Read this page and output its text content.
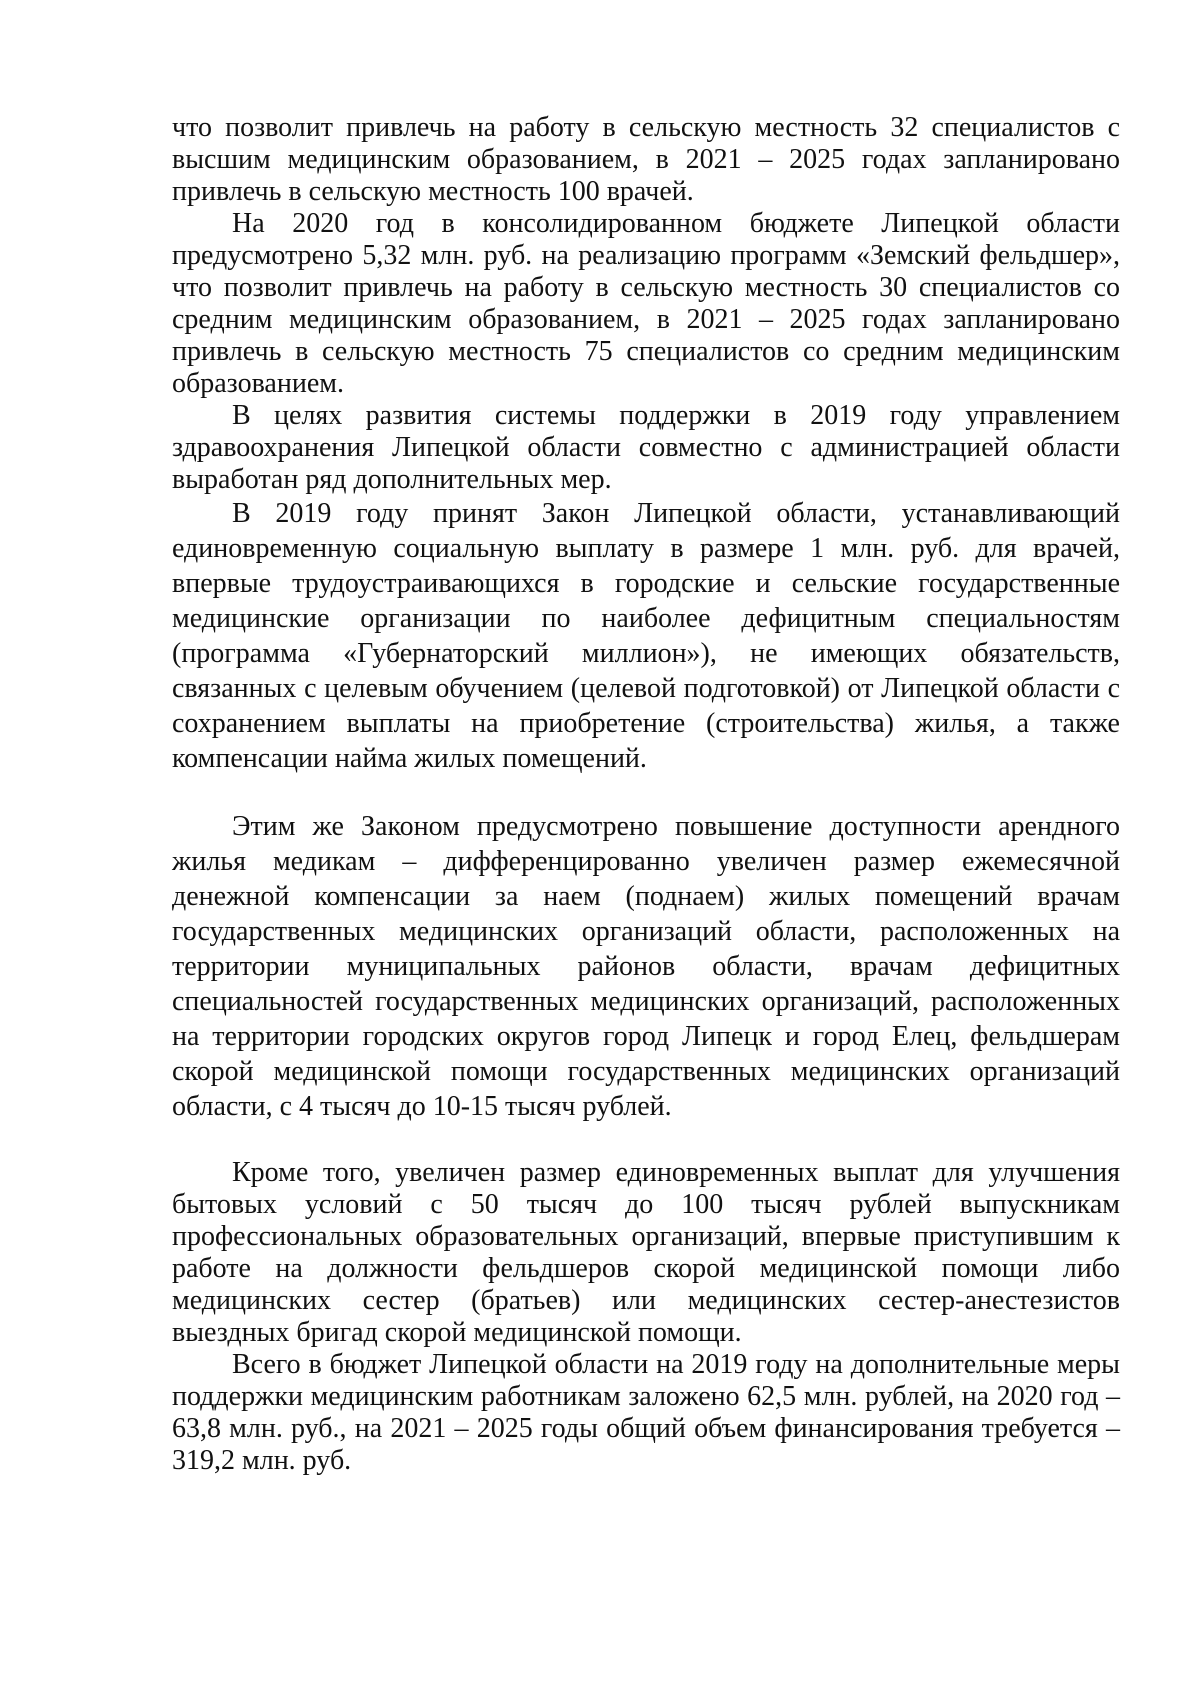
что позволит привлечь на работу в сельскую местность 32 специалистов с высшим медицинским образованием, в 2021 – 2025 годах запланировано привлечь в сельскую местность 100 врачей.

На 2020 год в консолидированном бюджете Липецкой области предусмотрено 5,32 млн. руб. на реализацию программ «Земский фельдшер», что позволит привлечь на работу в сельскую местность 30 специалистов со средним медицинским образованием, в 2021 – 2025 годах запланировано привлечь в сельскую местность 75 специалистов со средним медицинским образованием.

В целях развития системы поддержки в 2019 году управлением здравоохранения Липецкой области совместно с администрацией области выработан ряд дополнительных мер.

В 2019 году принят Закон Липецкой области, устанавливающий единовременную социальную выплату в размере 1 млн. руб. для врачей, впервые трудоустраивающихся в городские и сельские государственные медицинские организации по наиболее дефицитным специальностям (программа «Губернаторский миллион»), не имеющих обязательств, связанных с целевым обучением (целевой подготовкой) от Липецкой области с сохранением выплаты на приобретение (строительства) жилья, а также компенсации найма жилых помещений.

Этим же Законом предусмотрено повышение доступности арендного жилья медикам – дифференцированно увеличен размер ежемесячной денежной компенсации за наем (поднаем) жилых помещений врачам государственных медицинских организаций области, расположенных на территории муниципальных районов области, врачам дефицитных специальностей государственных медицинских организаций, расположенных на территории городских округов город Липецк и город Елец, фельдшерам скорой медицинской помощи государственных медицинских организаций области, с 4 тысяч до 10-15 тысяч рублей.

Кроме того, увеличен размер единовременных выплат для улучшения бытовых условий с 50 тысяч до 100 тысяч рублей выпускникам профессиональных образовательных организаций, впервые приступившим к работе на должности фельдшеров скорой медицинской помощи либо медицинских сестер (братьев) или медицинских сестер-анестезистов выездных бригад скорой медицинской помощи.

Всего в бюджет Липецкой области на 2019 году на дополнительные меры поддержки медицинским работникам заложено 62,5 млн. рублей, на 2020 год – 63,8 млн. руб., на 2021 – 2025 годы общий объем финансирования требуется – 319,2 млн. руб.
